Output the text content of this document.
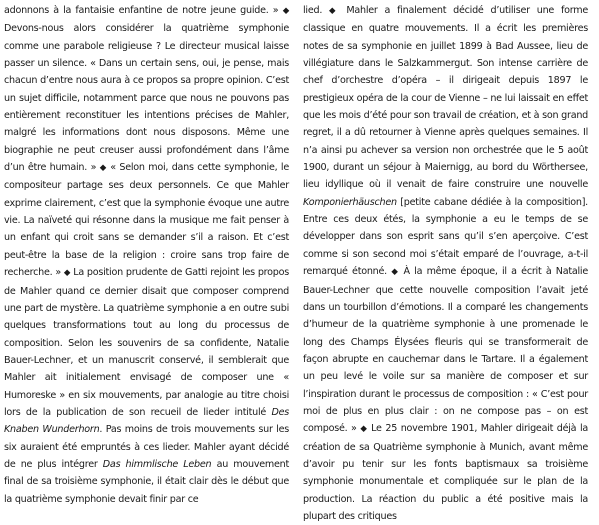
adonnons à la fantaisie enfantine de notre jeune guide. » ◆ Devons-nous alors considérer la quatrième symphonie comme une parabole religieuse ? Le directeur musical laisse passer un silence. « Dans un certain sens, oui, je pense, mais chacun d’entre nous aura à ce propos sa propre opinion. C’est un sujet difficile, notamment parce que nous ne pouvons pas entièrement reconstituer les intentions précises de Mahler, malgré les informations dont nous disposons. Même une biographie ne peut creuser aussi profondément dans l’âme d’un être humain. » ◆ « Selon moi, dans cette symphonie, le compositeur partage ses deux personnels. Ce que Mahler exprime clairement, c’est que la symphonie évoque une autre vie. La naïveté qui résonne dans la musique me fait penser à un enfant qui croit sans se demander s’il a raison. Et c’est peut-être la base de la religion : croire sans trop faire de recherche. » ◆ La position prudente de Gatti rejoint les propos de Mahler quand ce dernier disait que composer comprend une part de mystère. La quatrième symphonie a en outre subi quelques transformations tout au long du processus de composition. Selon les souvenirs de sa confidente, Natalie Bauer-Lechner, et un manuscrit conservé, il semblerait que Mahler ait initialement envisagé de composer une « Humoreske » en six mouvements, par analogie au titre choisi lors de la publication de son recueil de lieder intitulé Des Knaben Wunderhorn. Pas moins de trois mouvements sur les six auraient été empruntés à ces lieder. Mahler ayant décidé de ne plus intégrer Das himmlische Leben au mouvement final de sa troisième symphonie, il était clair dès le début que la quatrième symphonie devait finir par ce

lied. ◆ Mahler a finalement décidé d’utiliser une forme classique en quatre mouvements. Il a écrit les premières notes de sa symphonie en juillet 1899 à Bad Aussee, lieu de villégiature dans le Salzkammergut. Son intense carrière de chef d’orchestre d’opéra – il dirigeait depuis 1897 le prestigieux opéra de la cour de Vienne – ne lui laissait en effet que les mois d’été pour son travail de création, et à son grand regret, il a dû retourner à Vienne après quelques semaines. Il n’a ainsi pu achever sa version non orchestrée que le 5 août 1900, durant un séjour à Maiernigg, au bord du Wörthersee, lieu idyllique où il venait de faire construire une nouvelle Komponierhäuschen [petite cabane dédiée à la composition]. Entre ces deux étés, la symphonie a eu le temps de se développer dans son esprit sans qu’il s’en aperçoive. C’est comme si son second moi s’était emparé de l’ouvrage, a-t-il remarqué étonné. ◆ À la même époque, il a écrit à Natalie Bauer-Lechner que cette nouvelle composition l’avait jeté dans un tourbillon d’émotions. Il a comparé les changements d’humeur de la quatrième symphonie à une promenade le long des Champs Élysées fleuris qui se transformerait de façon abrupte en cauchemar dans le Tartare. Il a également un peu levé le voile sur sa manière de composer et sur l’inspiration durant le processus de composition : « C’est pour moi de plus en plus clair : on ne compose pas – on est composé. » ◆ Le 25 novembre 1901, Mahler dirigeait déjà la création de sa Quatrième symphonie à Munich, avant même d’avoir pu tenir sur les fonts baptismaux sa troisième symphonie monumentale et compliquée sur le plan de la production. La réaction du public a été positive mais la plupart des critiques
